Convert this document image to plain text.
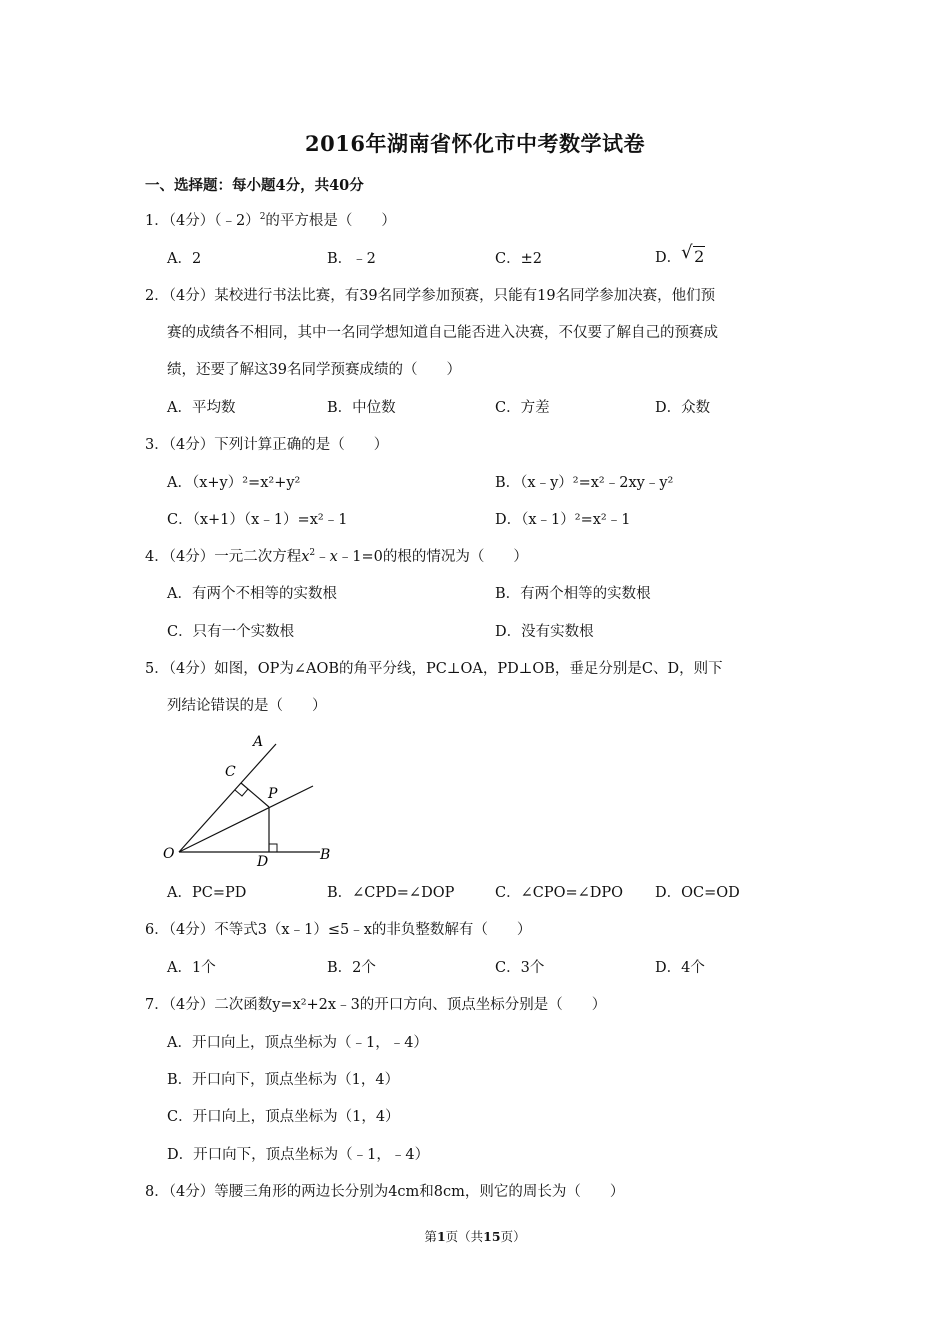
2016年湖南省怀化市中考数学试卷
一、选择题：每小题4分，共40分
1．（4分）（﹣2）$^2$的平方根是（　　）
A．2	B．﹣2	C．±2	D． √ 2
2．（4分）某校进行书法比赛，有39名同学参加预赛，只能有19名同学参加决赛，他们预
赛的成绩各不相同，其中一名同学想知道自己能否进入决赛，不仅要了解自己的预赛成
绩，还要了解这39名同学预赛成绩的（　　）
A．平均数	B．中位数	C．方差	D．众数
3．（4分）下列计算正确的是（　　）
A．（x+y）²=x²+y²	B．（x﹣y）²=x²﹣2xy﹣y²
C．（x+1）（x﹣1）=x²﹣1	D．（x﹣1）²=x²﹣1
4．（4分）一元二次方程$x^2﹣x﹣1=0$的根的情况为（　　）
A．有两个不相等的实数根	B．有两个相等的实数根
C．只有一个实数根	D．没有实数根
5．（4分）如图，OP为∠AOB的角平分线，PC⊥OA，PD⊥OB，垂足分别是C、D，则下
列结论错误的是（　　）
A
C
P
O	D	B
A．PC=PD	B．∠CPD=∠DOP	C．∠CPO=∠DPO D．OC=OD
6．（4分）不等式3（x﹣1）≤5﹣x的非负整数解有（　　）
A．1个	B．2个	C．3个	D．4个
7．（4分）二次函数y=x²+2x﹣3的开口方向、顶点坐标分别是（　　）
A．开口向上，顶点坐标为（﹣1，﹣4）
B．开口向下，顶点坐标为（1，4）
C．开口向上，顶点坐标为（1，4）
D．开口向下，顶点坐标为（﹣1，﹣4）
8．（4分）等腰三角形的两边长分别为4cm和8cm，则它的周长为（　　）
第1页（共15页）
